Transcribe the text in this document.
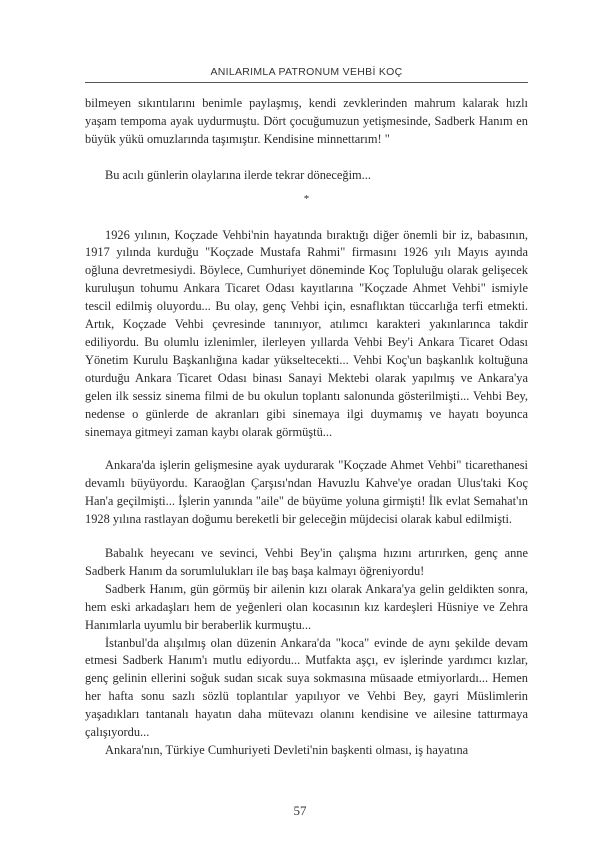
ANILARIMLA PATRONUM VEHBİ KOÇ

bilmeyen sıkıntılarını benimle paylaşmış, kendi zevklerinden mahrum kalarak hızlı yaşam tempoma ayak uydurmuştu. Dört çocuğumuzun yetişmesinde, Sadberk Hanım en büyük yükü omuzlarında taşımıştır. Kendisine minnettarım! "

Bu acılı günlerin olaylarına ilerde tekrar döneceğim...

*

1926 yılının, Koçzade Vehbi'nin hayatında bıraktığı diğer önemli bir iz, babasının, 1917 yılında kurduğu "Koçzade Mustafa Rahmi" firmasını 1926 yılı Mayıs ayında oğluna devretmesiydi. Böylece, Cumhuriyet döneminde Koç Topluluğu olarak gelişecek kuruluşun tohumu Ankara Ticaret Odası kayıtlarına "Koçzade Ahmet Vehbi" ismiyle tescil edilmiş oluyordu... Bu olay, genç Vehbi için, esnaflıktan tüccarlığa terfi etmekti. Artık, Koçzade Vehbi çevresinde tanınıyor, atılımcı karakteri yakınlarınca takdir ediliyordu. Bu olumlu izlenimler, ilerleyen yıllarda Vehbi Bey'i Ankara Ticaret Odası Yönetim Kurulu Başkanlığına kadar yükseltecekti... Vehbi Koç'un başkanlık koltuğuna oturduğu Ankara Ticaret Odası binası Sanayi Mektebi olarak yapılmış ve Ankara'ya gelen ilk sessiz sinema filmi de bu okulun toplantı salonunda gösterilmişti... Vehbi Bey, nedense o günlerde de akranları gibi sinemaya ilgi duymamış ve hayatı boyunca sinemaya gitmeyi zaman kaybı olarak görmüştü...

Ankara'da işlerin gelişmesine ayak uydurarak "Koçzade Ahmet Vehbi" ticarethanesi devamlı büyüyordu. Karaoğlan Çarşısı'ndan Havuzlu Kahve'ye oradan Ulus'taki Koç Han'a geçilmişti... İşlerin yanında "aile" de büyüme yoluna girmişti! İlk evlat Semahat'ın 1928 yılına rastlayan doğumu bereketli bir geleceğin müjdecisi olarak kabul edilmişti.

Babalık heyecanı ve sevinci, Vehbi Bey'in çalışma hızını artırırken, genç anne Sadberk Hanım da sorumlulukları ile baş başa kalmayı öğreniyordu!

Sadberk Hanım, gün görmüş bir ailenin kızı olarak Ankara'ya gelin geldikten sonra, hem eski arkadaşları hem de yeğenleri olan kocasının kız kardeşleri Hüsniye ve Zehra Hanımlarla uyumlu bir beraberlik kurmuştu...

İstanbul'da alışılmış olan düzenin Ankara'da "koca" evinde de aynı şekilde devam etmesi Sadberk Hanım'ı mutlu ediyordu... Mutfakta aşçı, ev işlerinde yardımcı kızlar, genç gelinin ellerini soğuk sudan sıcak suya sokmasına müsaade etmiyorlardı... Hemen her hafta sonu sazlı sözlü toplantılar yapılıyor ve Vehbi Bey, gayri Müslimlerin yaşadıkları tantanalı hayatın daha mütevazı olanını kendisine ve ailesine tattırmaya çalışıyordu...

Ankara'nın, Türkiye Cumhuriyeti Devleti'nin başkenti olması, iş hayatına

57
